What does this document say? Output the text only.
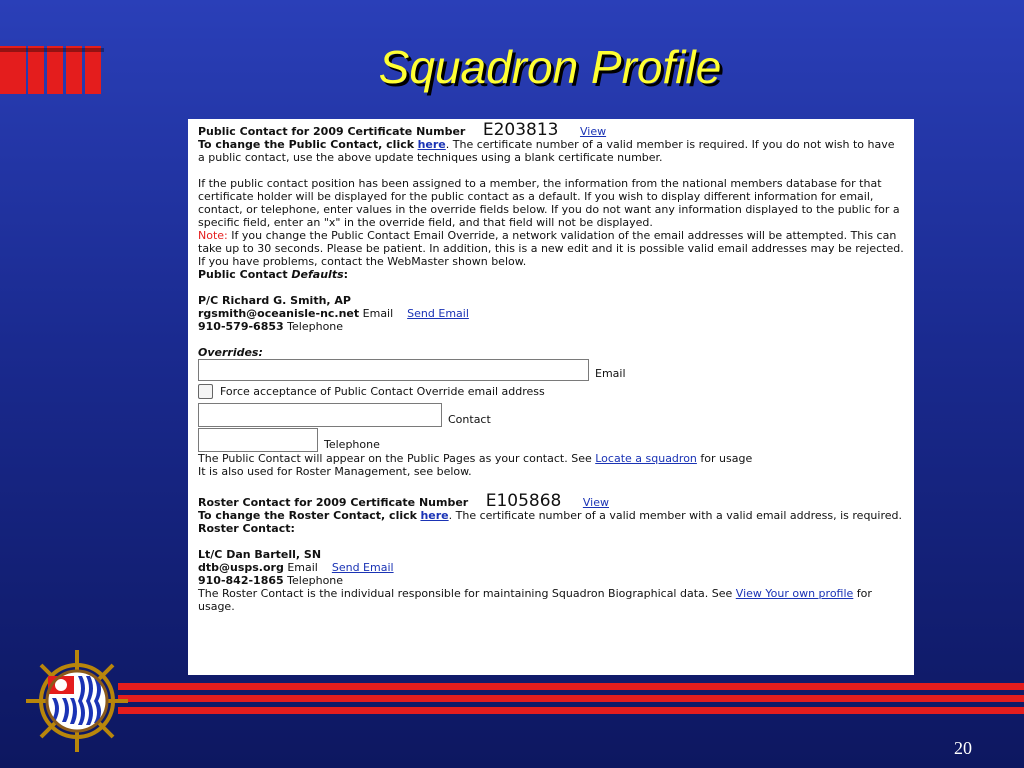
Squadron Profile

Public Contact for 2009 Certificate Number E203813 View

To change the Public Contact, click here. The certificate number of a valid member is required. If you do not wish to have a public contact, use the above update techniques using a blank certificate number.

If the public contact position has been assigned to a member, the information from the national members database for that certificate holder will be displayed for the public contact as a default. If you wish to display different information for email, contact, or telephone, enter values in the override fields below. If you do not want any information displayed to the public for a specific field, enter an "x" in the override field, and that field will not be displayed.

Note: If you change the Public Contact Email Override, a network validation of the email addresses will be attempted. This can take up to 30 seconds. Please be patient. In addition, this is a new edit and it is possible valid email addresses may be rejected. If you have problems, contact the WebMaster shown below.

Public Contact Defaults:

P/C Richard G. Smith, AP

rgsmith@oceanisle-nc.net Email Send Email

910-579-6853 Telephone

Overrides:

Email
Force acceptance of Public Contact Override email address
Contact
Telephone

The Public Contact will appear on the Public Pages as your contact. See Locate a squadron for usage

It is also used for Roster Management, see below.

Roster Contact for 2009 Certificate Number E105868 View

To change the Roster Contact, click here. The certificate number of a valid member with a valid email address, is required.

Roster Contact:

Lt/C Dan Bartell, SN

dtb@usps.org Email Send Email

910-842-1865 Telephone

The Roster Contact is the individual responsible for maintaining Squadron Biographical data. See View Your own profile for usage.

20
